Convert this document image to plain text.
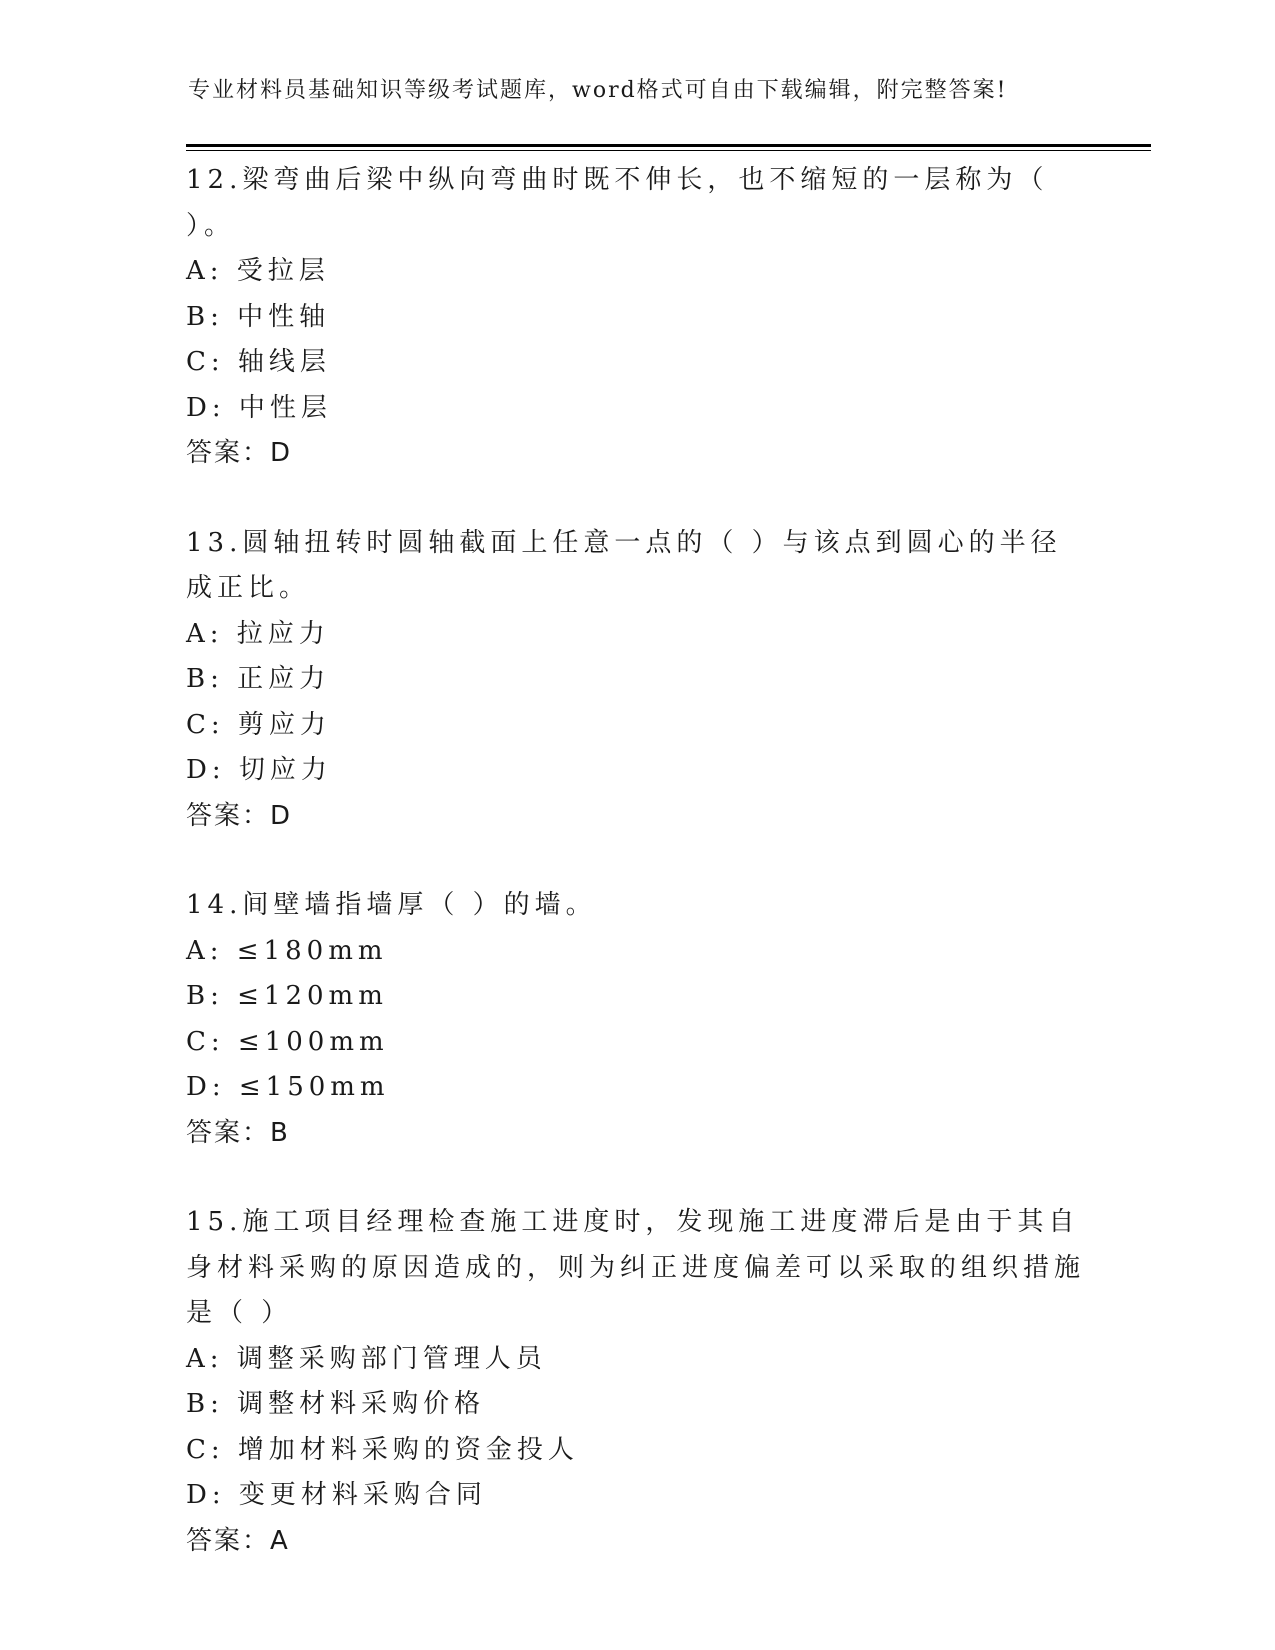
专业材料员基础知识等级考试题库，word格式可自由下载编辑，附完整答案!

12.梁弯曲后梁中纵向弯曲时既不伸长，也不缩短的一层称为（ ）。

A: 受拉层
B: 中性轴
C: 轴线层
D: 中性层
答案：D

13.圆轴扭转时圆轴截面上任意一点的（ ）与该点到圆心的半径成正比。

A: 拉应力
B: 正应力
C: 剪应力
D: 切应力
答案：D

14.间壁墙指墙厚（ ）的墙。

A: ≤180mm
B: ≤120mm
C: ≤100mm
D: ≤150mm
答案：B

15.施工项目经理检查施工进度时，发现施工进度滞后是由于其自身材料采购的原因造成的，则为纠正进度偏差可以采取的组织措施是（ ）

A: 调整采购部门管理人员
B: 调整材料采购价格
C: 增加材料采购的资金投人
D: 变更材料采购合同
答案：A
